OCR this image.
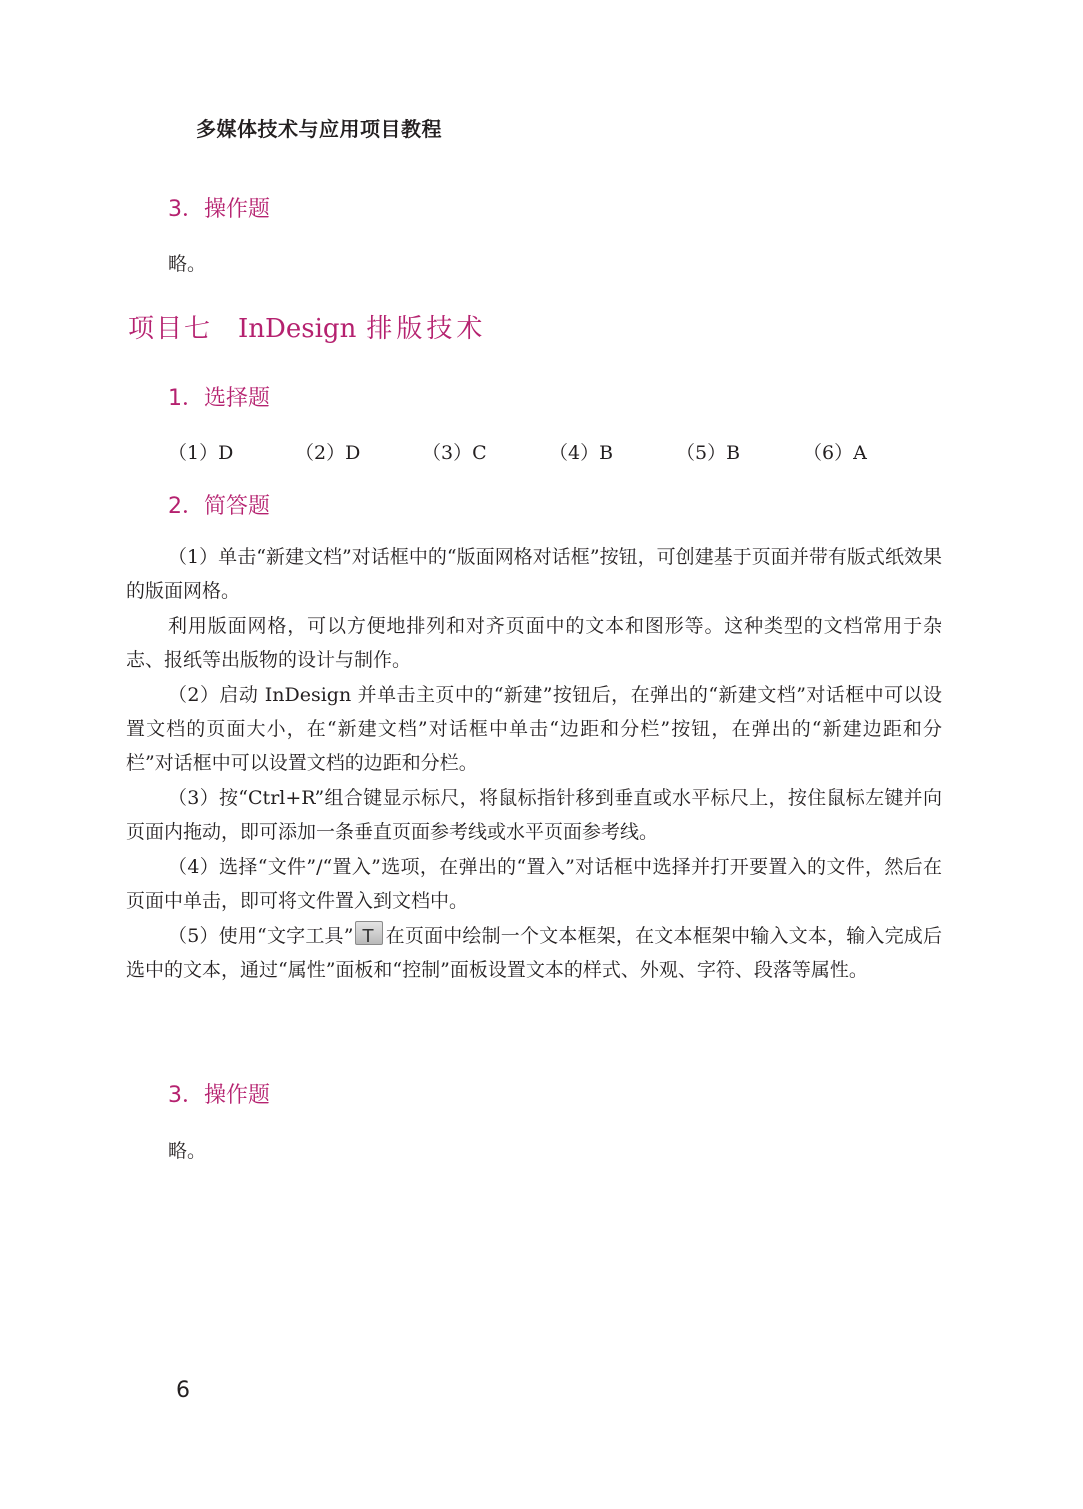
多媒体技术与应用项目教程
3．操作题
略。
项目七 InDesign 排版技术
1．选择题
（1）D	（2）D	（3）C	（4）B	（5）B	（6）A
2．简答题

（1）单击“新建文档”对话框中的“版面网格对话框”按钮，可创建基于页面并带有版式纸效果的版面网格。

利用版面网格，可以方便地排列和对齐页面中的文本和图形等。这种类型的文档常用于杂志、报纸等出版物的设计与制作。

（2）启动 InDesign 并单击主页中的“新建”按钮后，在弹出的“新建文档”对话框中可以设置文档的页面大小，在“新建文档”对话框中单击“边距和分栏”按钮，在弹出的“新建边距和分栏”对话框中可以设置文档的边距和分栏。

（3）按“Ctrl+R”组合键显示标尺，将鼠标指针移到垂直或水平标尺上，按住鼠标左键并向页面内拖动，即可添加一条垂直页面参考线或水平页面参考线。

（4）选择“文件”/“置入”选项，在弹出的“置入”对话框中选择并打开要置入的文件，然后在页面中单击，即可将文件置入到文档中。

（5）使用“文字工具”T 在页面中绘制一个文本框架，在文本框架中输入文本，输入完成后选中的文本，通过“属性”面板和“控制”面板设置文本的样式、外观、字符、段落等属性。

3．操作题
略。
6
